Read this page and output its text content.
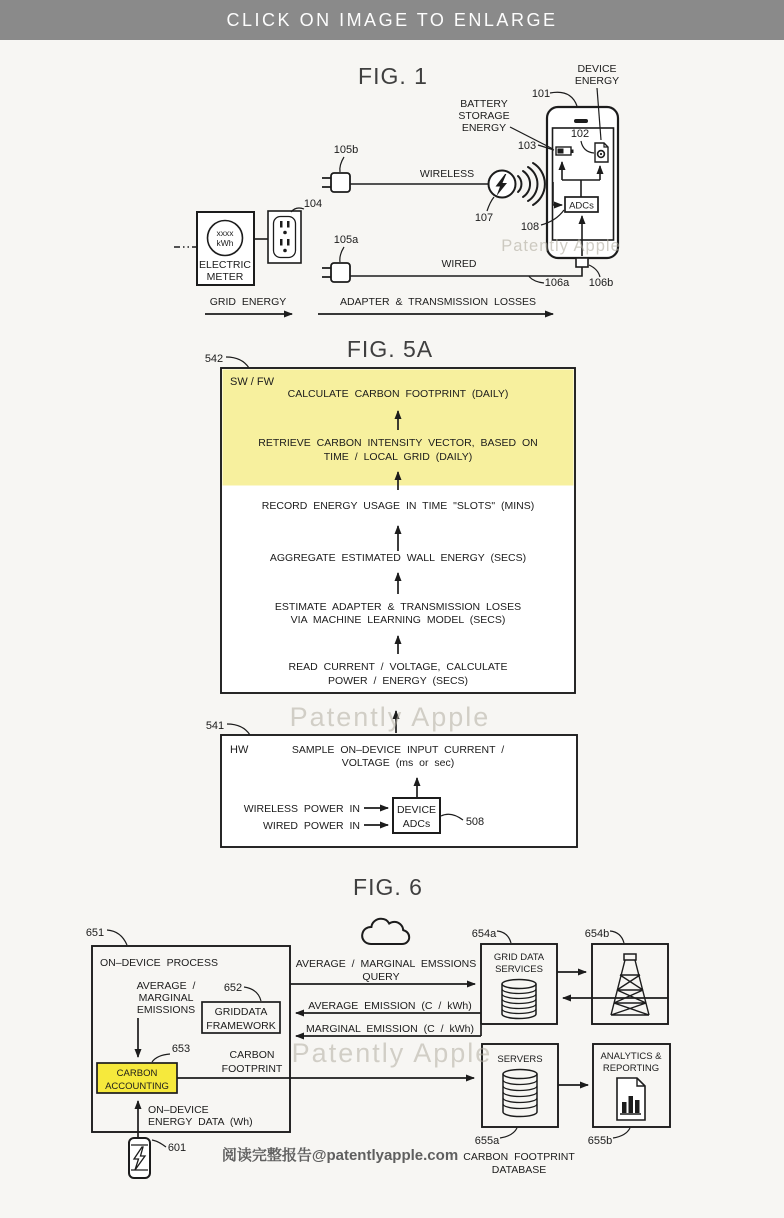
CLICK ON IMAGE TO ENLARGE
FIG. 1
xxxx
kWh
ELECTRIC
METER
104
105b
105a
WIRELESS
107
ADCs
DEVICE
ENERGY
101
BATTERY
STORAGE
ENERGY
103
102
108
WIRED
106a 106b
GRID ENERGY	ADAPTER & TRANSMISSION LOSSES
Patently Apple
FIG. 5A
542
SW / FW
CALCULATE CARBON FOOTPRINT (DAILY)
RETRIEVE CARBON INTENSITY VECTOR, BASED ON
TIME / LOCAL GRID (DAILY)
RECORD ENERGY USAGE IN TIME "SLOTS" (MINS)
AGGREGATE ESTIMATED WALL ENERGY (SECS)
ESTIMATE ADAPTER & TRANSMISSION LOSES
VIA MACHINE LEARNING MODEL (SECS)
READ CURRENT / VOLTAGE, CALCULATE
POWER / ENERGY (SECS)
Patently Apple
541
HW	SAMPLE ON–DEVICE INPUT CURRENT /
VOLTAGE (ms or sec)
WIRELESS POWER IN
WIRED POWER IN
DEVICE
ADCs	508
FIG. 6
651
ON–DEVICE PROCESS
AVERAGE /
MARGINAL
EMISSIONS
652
GRIDDATA
FRAMEWORK
653
CARBON
ACCOUNTING
CARBON
FOOTPRINT
ON–DEVICE
ENERGY DATA (Wh)
601
AVERAGE / MARGINAL EMSSIONS
QUERY
AVERAGE EMISSION (C / kWh)
MARGINAL EMISSION (C / kWh)
654a
GRID DATA
SERVICES
654b
SERVERS
655a
CARBON FOOTPRINT
DATABASE
ANALYTICS &
REPORTING
655b
Patently Apple
阅读完整报告@patentlyapple.com
